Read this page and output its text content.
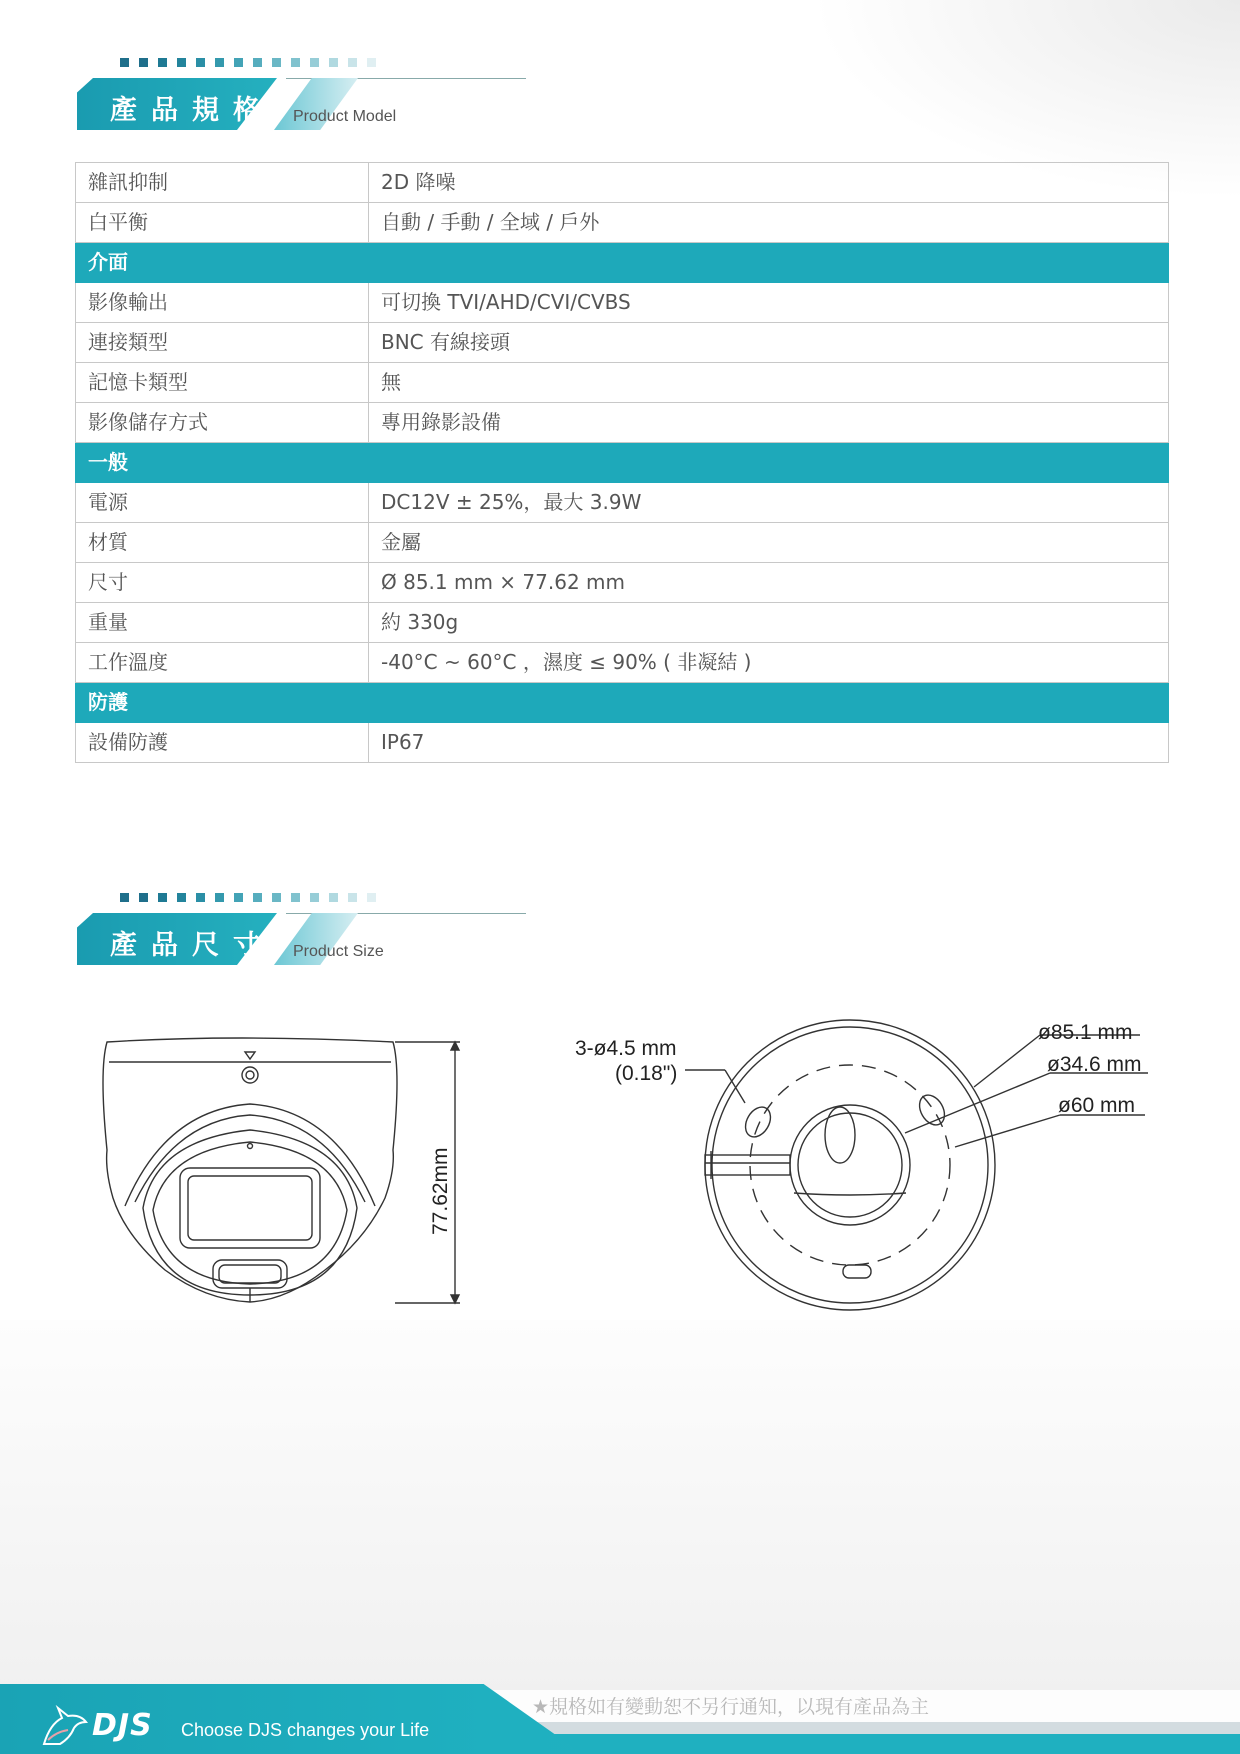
產品規格 Product Model
雜訊抑制	2D 降噪
白平衡	自動 / 手動 / 全域 / 戶外
介面	
影像輸出	可切換 TVI/AHD/CVI/CVBS
連接類型	BNC 有線接頭
記憶卡類型	無
影像儲存方式	專用錄影設備
一般	
電源	DC12V ± 25%，最大 3.9W
材質	金屬
尺寸	Ø 85.1 mm × 77.62 mm
重量	約 330g
工作溫度	-40°C ~ 60°C ，濕度 ≤ 90% ( 非凝結 )
防護	
設備防護	IP67
產品尺寸 Product Size
77.62mm
3-ø4.5 mm
(0.18")
ø85.1 mm
ø34.6 mm
ø60 mm
DJS Choose DJS changes your Life
★規格如有變動恕不另行通知，以現有產品為主
